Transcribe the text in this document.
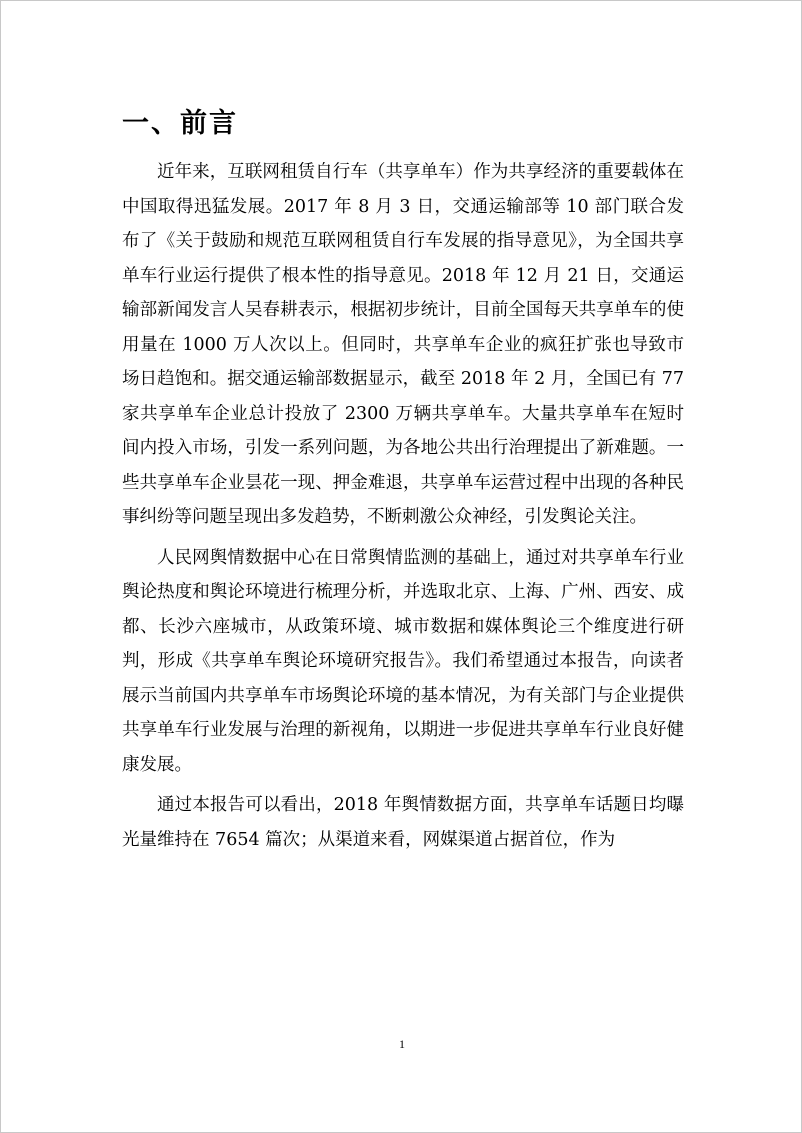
一、前言

近年来，互联网租赁自行车（共享单车）作为共享经济的重要载体在中国取得迅猛发展。2017 年 8 月 3 日，交通运输部等 10 部门联合发布了《关于鼓励和规范互联网租赁自行车发展的指导意见》，为全国共享单车行业运行提供了根本性的指导意见。2018 年 12 月 21 日，交通运输部新闻发言人吴春耕表示，根据初步统计，目前全国每天共享单车的使用量在 1000 万人次以上。但同时，共享单车企业的疯狂扩张也导致市场日趋饱和。据交通运输部数据显示，截至 2018 年 2 月，全国已有 77 家共享单车企业总计投放了 2300 万辆共享单车。大量共享单车在短时间内投入市场，引发一系列问题，为各地公共出行治理提出了新难题。一些共享单车企业昙花一现、押金难退，共享单车运营过程中出现的各种民事纠纷等问题呈现出多发趋势，不断刺激公众神经，引发舆论关注。

人民网舆情数据中心在日常舆情监测的基础上，通过对共享单车行业舆论热度和舆论环境进行梳理分析，并选取北京、上海、广州、西安、成都、长沙六座城市，从政策环境、城市数据和媒体舆论三个维度进行研判，形成《共享单车舆论环境研究报告》。我们希望通过本报告，向读者展示当前国内共享单车市场舆论环境的基本情况，为有关部门与企业提供共享单车行业发展与治理的新视角，以期进一步促进共享单车行业良好健康发展。

通过本报告可以看出，2018 年舆情数据方面，共享单车话题日均曝光量维持在 7654 篇次；从渠道来看，网媒渠道占据首位，作为

1
